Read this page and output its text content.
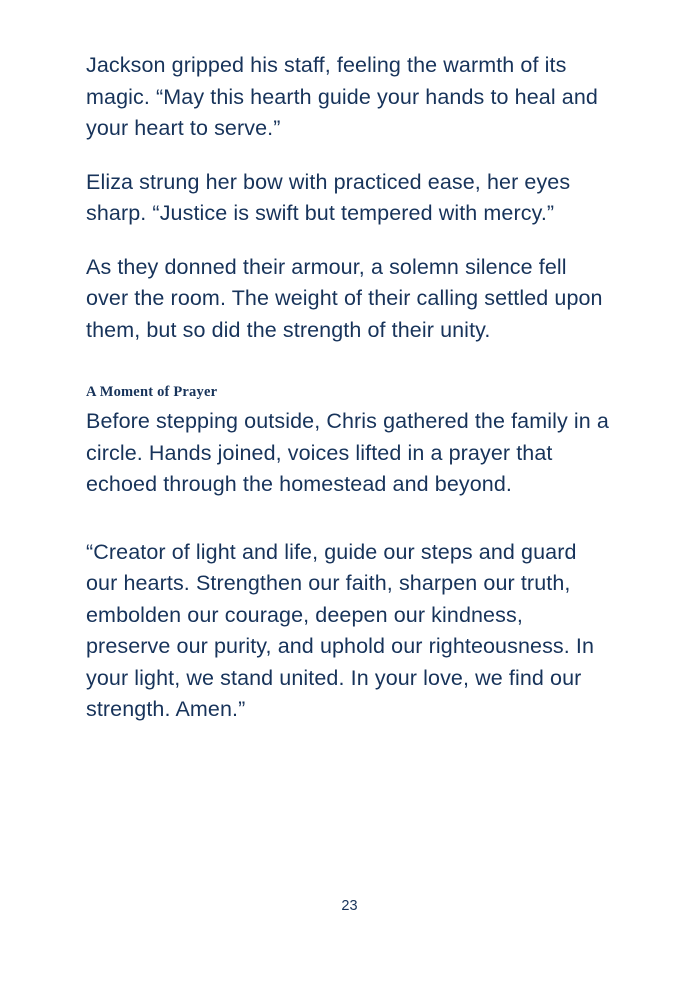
Jackson gripped his staff, feeling the warmth of its magic. “May this hearth guide your hands to heal and your heart to serve.”

Eliza strung her bow with practiced ease, her eyes sharp. “Justice is swift but tempered with mercy.”

As they donned their armour, a solemn silence fell over the room. The weight of their calling settled upon them, but so did the strength of their unity.

A Moment of Prayer

Before stepping outside, Chris gathered the family in a circle. Hands joined, voices lifted in a prayer that echoed through the homestead and beyond.

“Creator of light and life, guide our steps and guard our hearts. Strengthen our faith, sharpen our truth, embolden our courage, deepen our kindness, preserve our purity, and uphold our righteousness. In your light, we stand united. In your love, we find our strength. Amen.”

23
